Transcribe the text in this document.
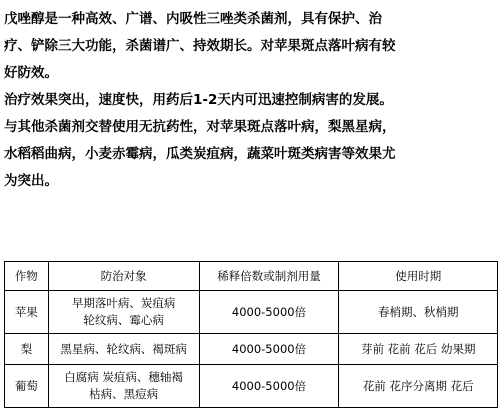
戊唑醇是一种高效、广谱、内吸性三唑类杀菌剂，具有保护、治
疗、铲除三大功能，杀菌谱广、持效期长。对苹果斑点落叶病有较
好防效。
治疗效果突出，速度快，用药后1-2天内可迅速控制病害的发展。
与其他杀菌剂交替使用无抗药性，对苹果斑点落叶病，梨黑星病，
水稻稻曲病，小麦赤霉病，瓜类炭疽病，蔬菜叶斑类病害等效果尤
为突出。
作物	防治对象	稀释倍数或制剂用量	使用时期
苹果	早期落叶病、炭疽病
轮纹病、霉心病	4000-5000倍	春梢期、秋梢期
梨	黑星病、轮纹病、褐斑病	4000-5000倍	芽前 花前 花后 幼果期
葡萄	白腐病 炭疽病、穗轴褐
枯病、黑痘病	4000-5000倍	花前 花序分离期 花后
